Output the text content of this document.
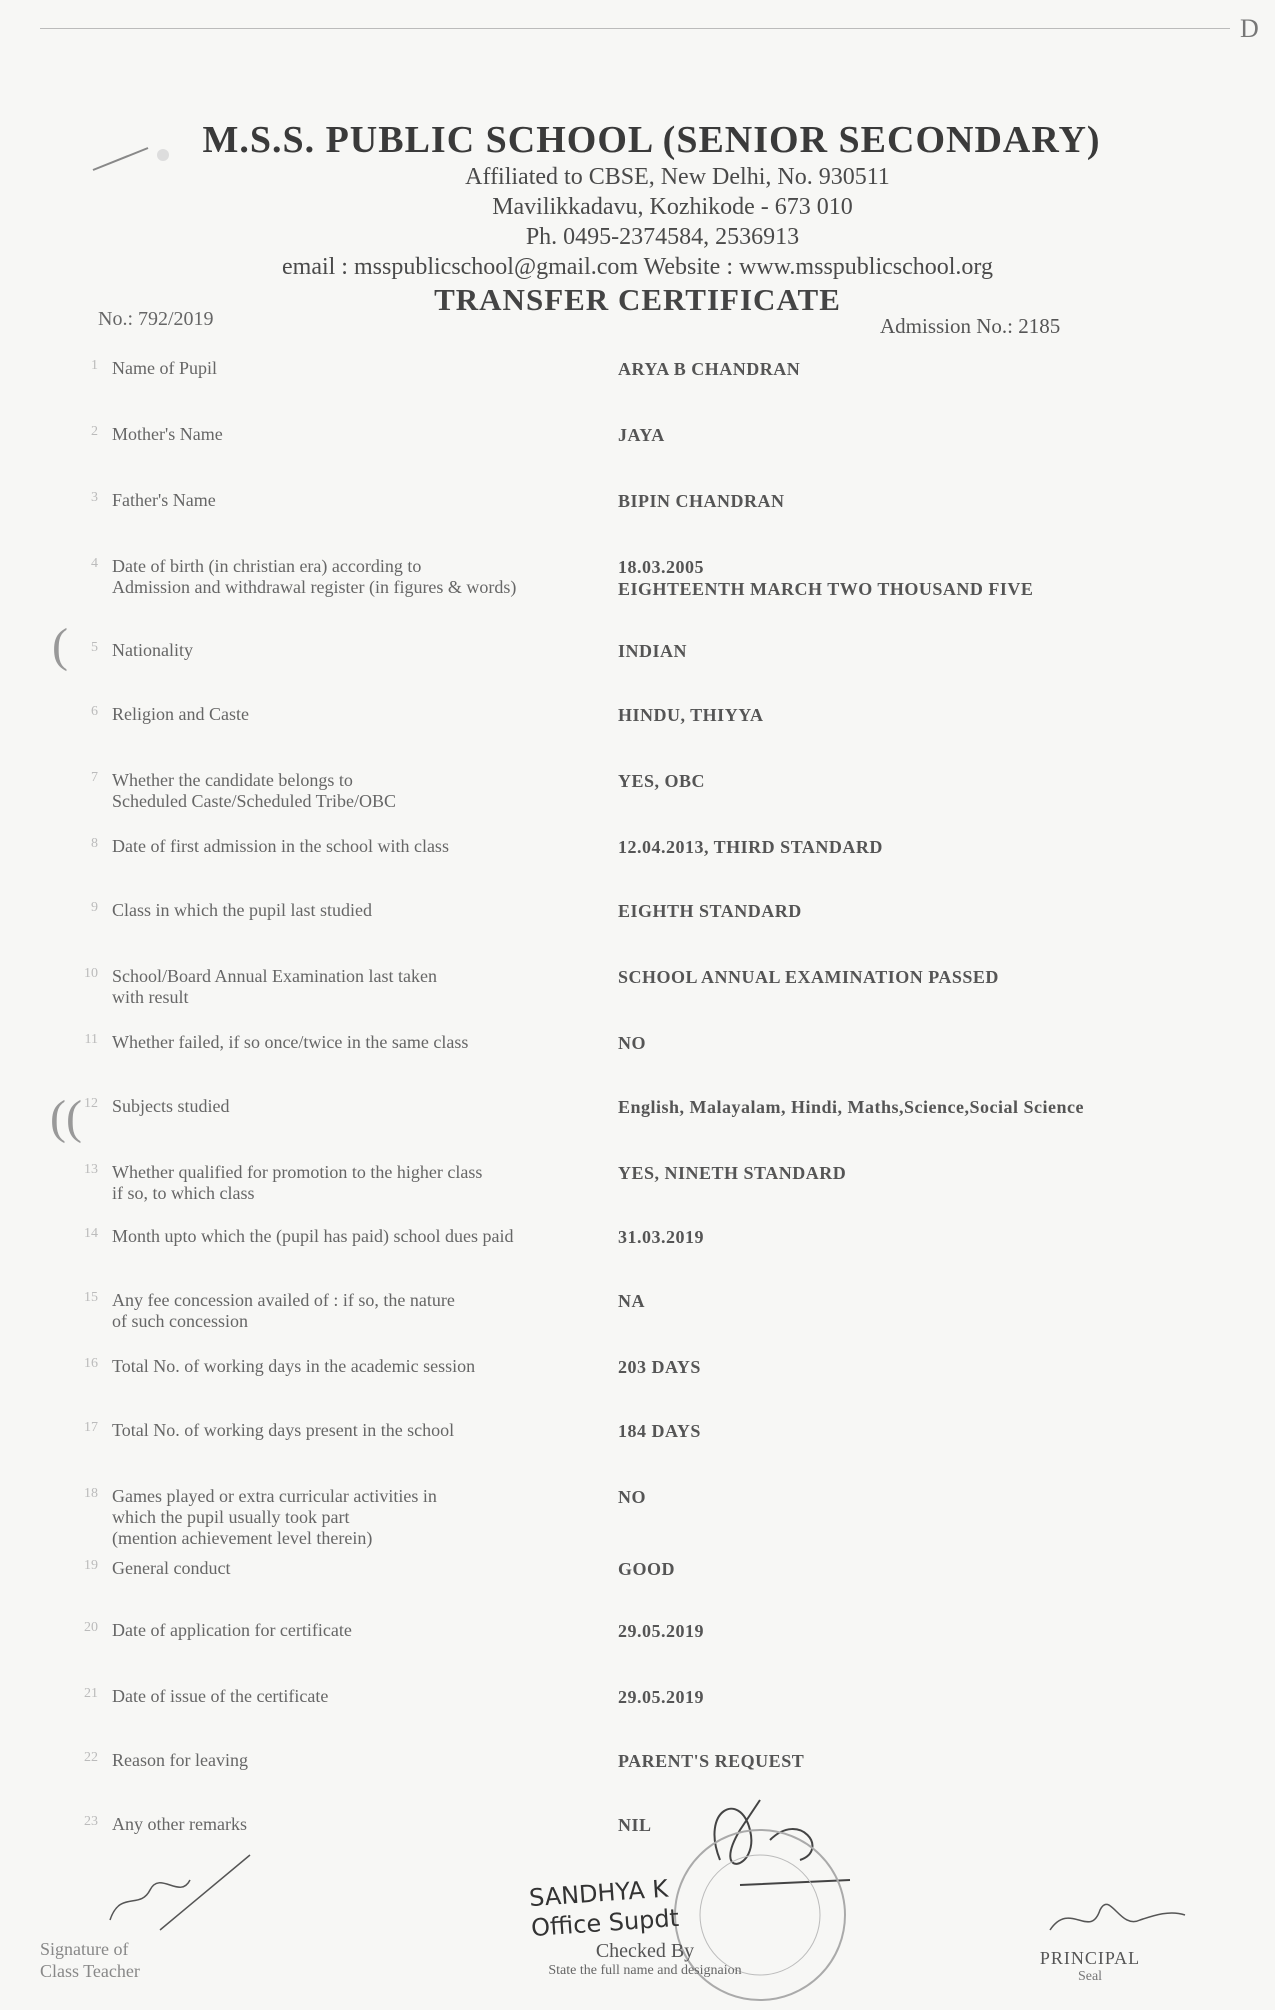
D
M.S.S. PUBLIC SCHOOL (SENIOR SECONDARY)
Affiliated to CBSE, New Delhi, No. 930511
Mavilikkadavu, Kozhikode - 673 010
Ph. 0495-2374584, 2536913
email : msspublicschool@gmail.com Website : www.msspublicschool.org
No.: 792/2019
TRANSFER CERTIFICATE
Admission No.: 2185
1 Name of Pupil	ARYA B CHANDRAN
2 Mother's Name	JAYA
3 Father's Name	BIPIN CHANDRAN
4 Date of birth (in christian era) according to
Admission and withdrawal register (in figures & words)
18.03.2005
EIGHTEENTH MARCH TWO THOUSAND FIVE
5 Nationality	INDIAN
6 Religion and Caste	HINDU, THIYYA
7 Whether the candidate belongs to
Scheduled Caste/Scheduled Tribe/OBC
YES, OBC
8 Date of first admission in the school with class	12.04.2013, THIRD STANDARD
9 Class in which the pupil last studied	EIGHTH STANDARD
10 School/Board Annual Examination last taken
with result
SCHOOL ANNUAL EXAMINATION PASSED
11 Whether failed, if so once/twice in the same class	NO
12 Subjects studied	English, Malayalam, Hindi, Maths,Science,Social Science
13 Whether qualified for promotion to the higher class
if so, to which class
YES, NINETH STANDARD
14 Month upto which the (pupil has paid) school dues paid	31.03.2019
15 Any fee concession availed of : if so, the nature
of such concession
NA
16 Total No. of working days in the academic session	203 DAYS
17 Total No. of working days present in the school	184 DAYS
18 Games played or extra curricular activities in
which the pupil usually took part
(mention achievement level therein)
NO
19 General conduct	GOOD
20 Date of application for certificate	29.05.2019
21 Date of issue of the certificate	29.05.2019
22 Reason for leaving	PARENT'S REQUEST
23 Any other remarks	NIL
(
((
Signature of
Class Teacher
SANDHYA K
Office Supdt
Checked By
State the full name and designaion
PRINCIPAL
Seal
